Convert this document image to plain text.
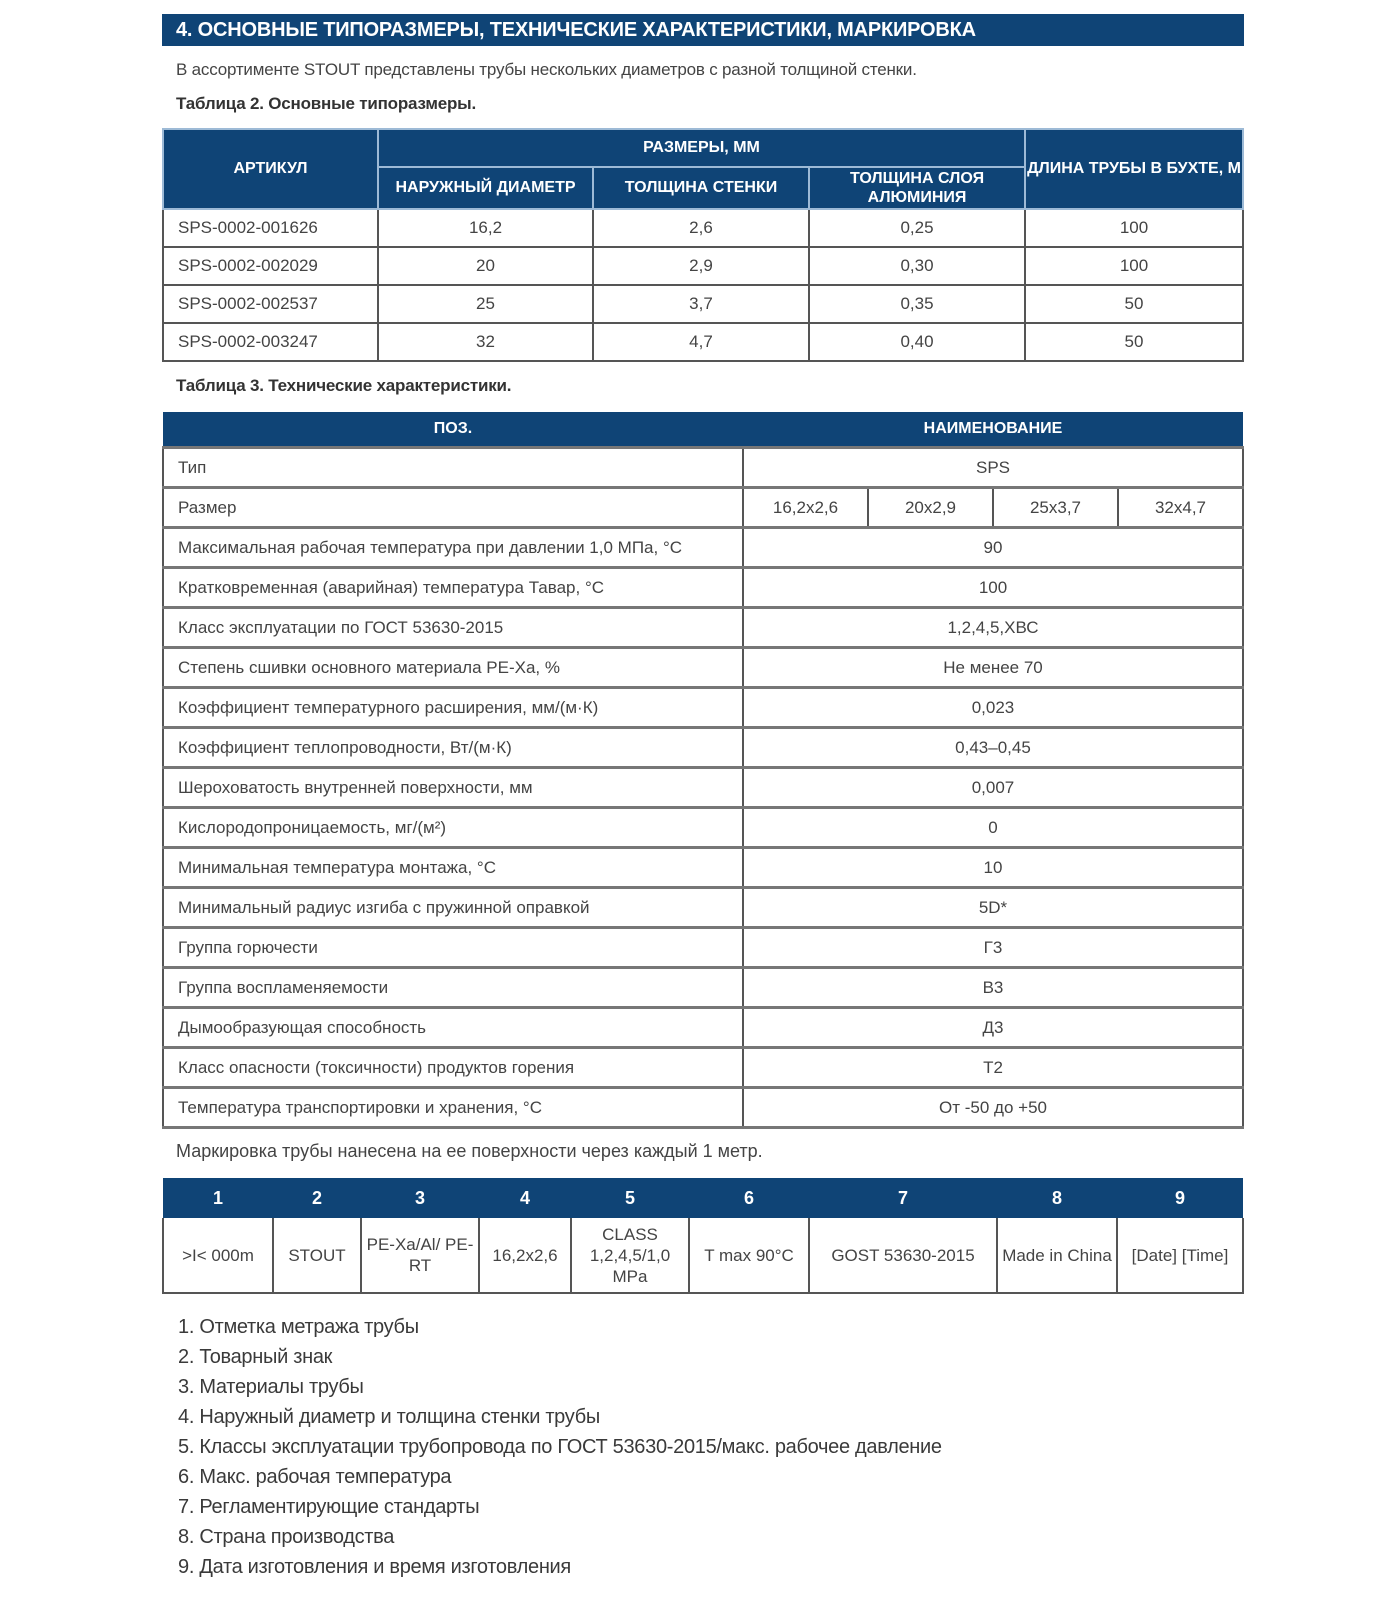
4. ОСНОВНЫЕ ТИПОРАЗМЕРЫ, ТЕХНИЧЕСКИЕ ХАРАКТЕРИСТИКИ, МАРКИРОВКА
В ассортименте STOUT представлены трубы нескольких диаметров с разной толщиной стенки.
Таблица 2. Основные типоразмеры.
АРТИКУЛ	РАЗМЕРЫ, ММ			ДЛИНА ТРУБЫ В БУХТЕ, М
	НАРУЖНЫЙ ДИАМЕТР	ТОЛЩИНА СТЕНКИ	ТОЛЩИНА СЛОЯ АЛЮМИНИЯ	
SPS-0002-001626	16,2	2,6	0,25	100
SPS-0002-002029	20	2,9	0,30	100
SPS-0002-002537	25	3,7	0,35	50
SPS-0002-003247	32	4,7	0,40	50
Таблица 3. Технические характеристики.
ПОЗ.	НАИМЕНОВАНИЕ			
Тип	SPS			
Размер	16,2х2,6	20х2,9	25х3,7	32х4,7
Максимальная рабочая температура при давлении 1,0 МПа, °С	90			
Кратковременная (аварийная) температура Тавар, °С	100			
Класс эксплуатации по ГОСТ 53630-2015	1,2,4,5,ХВС			
Степень сшивки основного материала PE-Xa, %	Не менее 70			
Коэффициент температурного расширения, мм/(м·К)	0,023			
Коэффициент теплопроводности, Вт/(м·К)	0,43–0,45			
Шероховатость внутренней поверхности, мм	0,007			
Кислородопроницаемость, мг/(м²)	0			
Минимальная температура монтажа, °С	10			
Минимальный радиус изгиба с пружинной оправкой	5D*			
Группа горючести	Г3			
Группа воспламеняемости	В3			
Дымообразующая способность	Д3			
Класс опасности (токсичности) продуктов горения	Т2			
Температура транспортировки и хранения, °С	От -50 до +50			
Маркировка трубы нанесена на ее поверхности через каждый 1 метр.
1	2	3	4	5	6	7	8	9
>I< 000m	STOUT	PE-Xa/Al/ PE-RT	16,2x2,6	CLASS 1,2,4,5/1,0 MPa	T max 90°C	GOST 53630-2015	Made in China	[Date] [Time]
1. Отметка метража трубы
2. Товарный знак
3. Материалы трубы
4. Наружный диаметр и толщина стенки трубы
5. Классы эксплуатации трубопровода по ГОСТ 53630-2015/макс. рабочее давление
6. Макс. рабочая температура
7. Регламентирующие стандарты
8. Страна производства
9. Дата изготовления и время изготовления
